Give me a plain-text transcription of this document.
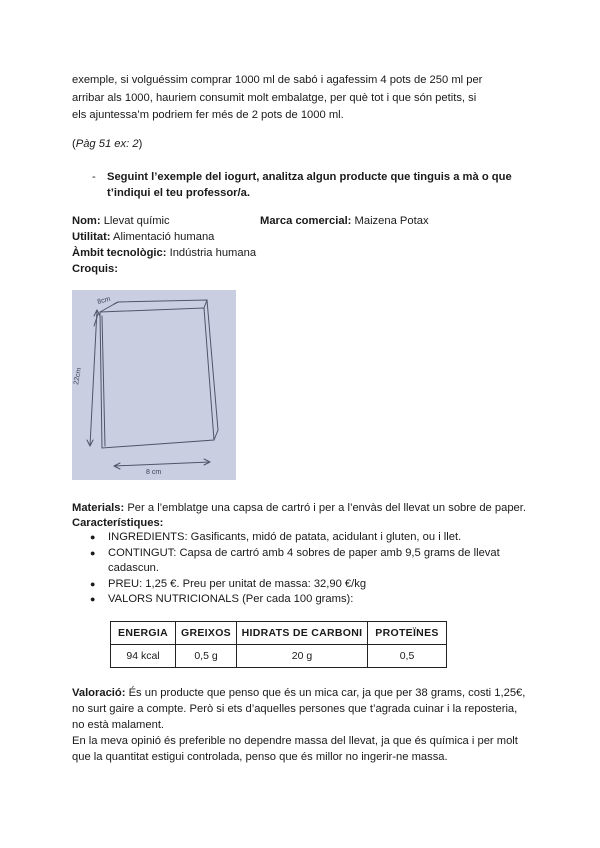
exemple, si volguéssim comprar 1000 ml de sabó i agafessim 4 pots de 250 ml per
arribar als 1000, hauriem consumit molt embalatge, per què tot i que són petits, si
els ajuntessa’m podriem fer més de 2 pots de 1000 ml.
(Pàg 51 ex: 2)
- Seguint l’exemple del iogurt, analitza algun producte que tinguis a mà o que
t’indiqui el teu professor/a.
Nom: Llevat químic	Marca comercial: Maizena Potax
Utilitat: Alimentació humana
Àmbit tecnològic: Indústria humana
Croquis:
8cm
22cm
8 cm
Materials: Per a l’emblatge una capsa de cartró i per a l’envàs del llevat un sobre de paper.
Característiques:
● INGREDIENTS: Gasificants, midó de patata, acidulant i gluten, ou i llet.
● CONTINGUT: Capsa de cartró amb 4 sobres de paper amb 9,5 grams de llevat
cadascun.
● PREU: 1,25 €. Preu per unitat de massa: 32,90 €/kg
● VALORS NUTRICIONALS (Per cada 100 grams):
ENERGIA	GREIXOS	HIDRATS DE CARBONI	PROTEÏNES
94 kcal	0,5 g	20 g	0,5
Valoració: És un producte que penso que és un mica car, ja que per 38 grams, costi 1,25€,
no surt gaire a compte. Però si ets d’aquelles persones que t’agrada cuinar i la reposteria,
no està malament.
En la meva opinió és preferible no dependre massa del llevat, ja que és química i per molt
que la quantitat estigui controlada, penso que és millor no ingerir-ne massa.
